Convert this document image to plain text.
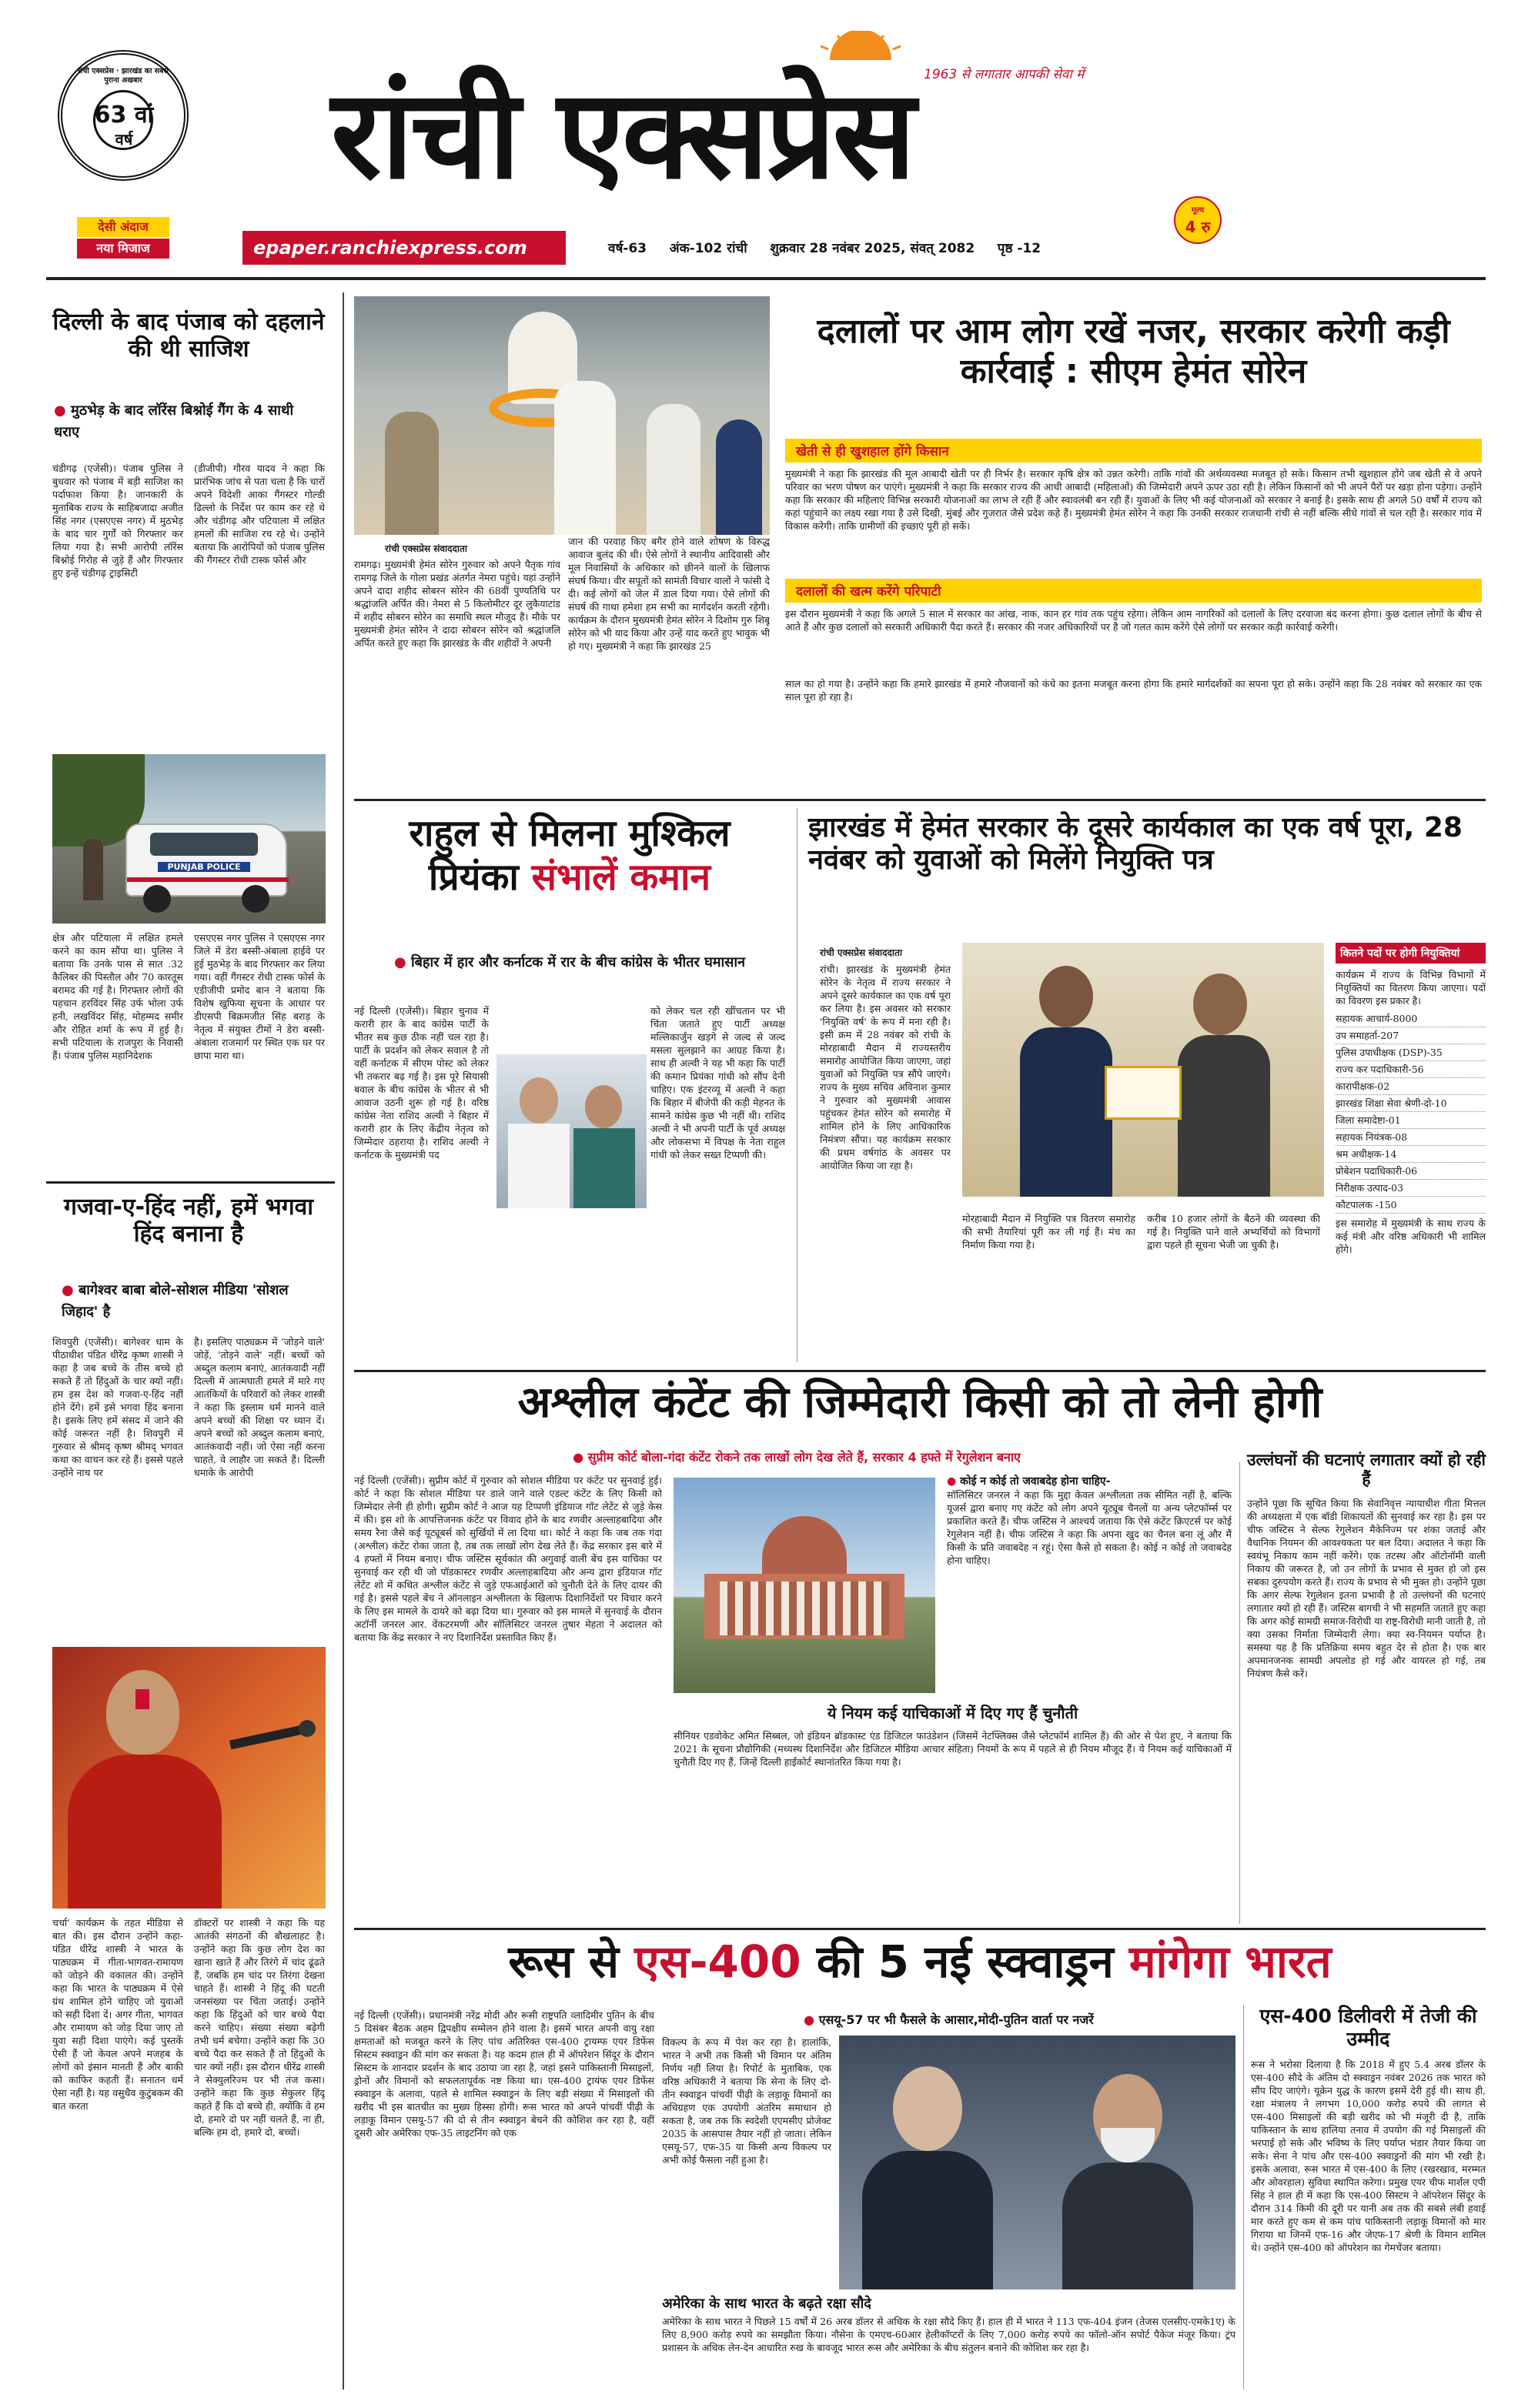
रांची एक्सप्रेस · झारखंड का सबसे पुराना अखबार
63 वां
वर्ष
देसी अंदाज
नया मिजाज
1963 से लगातार आपकी सेवा में
रांची एक्सप्रेस
epaper.ranchiexpress.com	वर्ष-63 अंक-102 रांची शुक्रवार 28 नवंबर 2025, संवत् 2082 पृष्ठ -12
मूल्य
4 रु
दिल्ली के बाद पंजाब को दहलाने की थी साजिश
● मुठभेड़ के बाद लॉरेंस बिश्नोई गैंग के 4 साथी धराए
चंडीगढ़ (एजेंसी)। पंजाब पुलिस ने बुधवार को पंजाब में बड़ी साजिश का पर्दाफाश किया है। जानकारी के मुताबिक राज्य के साहिबजादा अजीत सिंह नगर (एसएएस नगर) में मुठभेड़ के बाद चार गुर्गों को गिरफ्तार कर लिया गया है। सभी आरोपी लॉरेंस बिश्नोई गिरोह से जुड़े हैं और गिरफ्तार हुए इन्हें चंडीगढ़ ट्राइसिटी
(डीजीपी) गौरव यादव ने कहा कि प्रारंभिक जांच से पता चला है कि चारों अपने विदेशी आका गैंगस्टर गोल्डी ढिल्लो के निर्देश पर काम कर रहे थे और चंडीगढ़ और पटियाला में लक्षित हमलों की साजिश रच रहे थे। उन्होंने बताया कि आरोपियों को पंजाब पुलिस की गैंगस्टर रोधी टास्क फोर्स और
PUNJAB POLICE
क्षेत्र और पटियाला में लक्षित हमले करने का काम सौंपा था। पुलिस ने बताया कि उनके पास से सात .32 कैलिबर की पिस्तौल और 70 कारतूस बरामद की गई है। गिरफ्तार लोगों की पहचान हरविंदर सिंह उर्फ भोला उर्फ हनी, लखविंदर सिंह, मोहम्मद समीर और रोहित शर्मा के रूप में हुई है। सभी पटियाला के राजपुरा के निवासी हैं। पंजाब पुलिस महानिदेशक
एसएएस नगर पुलिस ने एसएएस नगर जिले में डेरा बस्सी-अंबाला हाईवे पर हुई मुठभेड़ के बाद गिरफ्तार कर लिया गया। वहीं गैंगस्टर रोधी टास्क फोर्स के एडीजीपी प्रमोद बान ने बताया कि विशेष खुफिया सूचना के आधार पर डीएसपी बिक्रमजीत सिंह बराड़ के नेतृत्व में संयुक्त टीमों ने डेरा बस्सी-अंबाला राजमार्ग पर स्थित एक घर पर छापा मारा था।
गजवा-ए-हिंद नहीं, हमें भगवा हिंद बनाना है
● बागेश्वर बाबा बोले-सोशल मीडिया 'सोशल जिहाद' है
शिवपुरी (एजेंसी)। बागेश्वर धाम के पीठाधीश पंडित धीरेंद्र कृष्ण शास्त्री ने कहा है जब बच्चे के तीस बच्चे हो सकते हैं तो हिंदुओं के चार क्यों नहीं। हम इस देश को गजवा-ए-हिंद नहीं होने देंगे। हमें इसे भगवा हिंद बनाना है। इसके लिए हमें संसद में जाने की कोई जरूरत नहीं है। शिवपुरी में गुरुवार से श्रीमद् कृष्ण श्रीमद् भगवत कथा का वाचन कर रहे हैं। इससे पहले उन्होंने नाच पर
है। इसलिए पाठ्यक्रम में 'जोड़ने वाले' जोड़ें, 'तोड़ने वाले' नहीं। बच्चों को अब्दुल कलाम बनाएं, आतंकवादी नहीं दिल्ली में आत्मघाती हमले में मारे गए आतंकियों के परिवारों को लेकर शास्त्री ने कहा कि इस्लाम धर्म मानने वाले अपने बच्चों की शिक्षा पर ध्यान दें। अपने बच्चों को अब्दुल कलाम बनाएं, आतंकवादी नहीं। जो ऐसा नहीं करना चाहते, वे लाहौर जा सकते हैं। दिल्ली धमाके के आरोपी
चर्चा' कार्यक्रम के तहत मीडिया से बात की। इस दौरान उन्होंने कहा- पंडित धीरेंद्र शास्त्री ने भारत के पाठ्यक्रम में गीता-भागवत-रामायण को जोड़ने की वकालत की। उन्होंने कहा कि भारत के पाठ्यक्रम में ऐसे ग्रंथ शामिल होने चाहिए जो युवाओं को सही दिशा दें। अगर गीता, भागवत और रामायण को जोड़ दिया जाए तो युवा सही दिशा पाएंगे। कई पुस्तकें ऐसी हैं जो केवल अपने मजहब के लोगों को इंसान मानती हैं और बाकी को काफिर कहती हैं। सनातन धर्म ऐसा नहीं है। यह वसुधैव कुटुंबकम की बात करता
डॉक्टरों पर शास्त्री ने कहा कि यह आतंकी संगठनों की बौखलाहट है। उन्होंने कहा कि कुछ लोग देश का खाना खाते हैं और तिरंगे में चांद ढूंढते हैं, जबकि हम चांद पर तिरंगा देखना चाहते हैं। शास्त्री ने हिंदू की घटती जनसंख्या पर चिंता जताई। उन्होंने कहा कि हिंदुओं को चार बच्चे पैदा करने चाहिए। संख्या संख्या बढ़ेगी तभी धर्म बचेगा। उन्होंने कहा कि 30 बच्चे पैदा कर सकते हैं तो हिंदुओं के चार क्यों नहीं। इस दौरान धीरेंद्र शास्त्री ने सेक्युलरिज्म पर भी तंज कसा। उन्होंने कहा कि कुछ सेकुलर हिंदू कहते हैं कि दो बच्चे ही, क्योंकि वे हम दो, हमारे दो पर नहीं चलते हैं, ना ही, बल्कि हम दो, हमारे दो, बच्चों।
रांची एक्सप्रेस संवाददाता
रामगढ़। मुख्यमंत्री हेमंत सोरेन गुरुवार को अपने पैतृक गांव रामगढ़ जिले के गोला प्रखंड अंतर्गत नेमरा पहुंचे। यहां उन्होंने अपने दादा शहीद सोबरन सोरेन की 68वीं पुण्यतिथि पर श्रद्धांजलि अर्पित की। नेमरा से 5 किलोमीटर दूर लुकैयाटांड में शहीद सोबरन सोरेन का समाधि स्थल मौजूद है। मौके पर मुख्यमंत्री हेमंत सोरेन ने दादा सोबरन सोरेन को श्रद्धांजलि अर्पित करते हुए कहा कि झारखंड के वीर शहीदों ने अपनी
जान की परवाह किए बगैर होने वाले शोषण के विरुद्ध आवाज बुलंद की थी। ऐसे लोगों ने स्थानीय आदिवासी और मूल निवासियों के अधिकार को छीनने वालों के खिलाफ संघर्ष किया। वीर सपूतों को सामंती विचार वालों ने फांसी दे दी। कई लोगों को जेल में डाल दिया गया। ऐसे लोगों की संघर्ष की गाथा हमेशा हम सभी का मार्गदर्शन करती रहेगी। कार्यक्रम के दौरान मुख्यमंत्री हेमंत सोरेन ने दिशोम गुरु शिबू सोरेन को भी याद किया और उन्हें याद करते हुए भावुक भी हो गए। मुख्यमंत्री ने कहा कि झारखंड 25
दलालों पर आम लोग रखें नजर, सरकार करेगी कड़ी कार्रवाई : सीएम हेमंत सोरेन
खेती से ही खुशहाल होंगे किसान
मुख्यमंत्री ने कहा कि झारखंड की मूल आबादी खेती पर ही निर्भर है। सरकार कृषि क्षेत्र को उन्नत करेगी। ताकि गांवों की अर्थव्यवस्था मजबूत हो सके। किसान तभी खुशहाल होंगे जब खेती से वे अपने परिवार का भरण पोषण कर पाएंगे। मुख्यमंत्री ने कहा कि सरकार राज्य की आधी आबादी (महिलाओं) की जिम्मेदारी अपने ऊपर उठा रही है। लेकिन किसानों को भी अपने पैरों पर खड़ा होना पड़ेगा। उन्होंने कहा कि सरकार की महिलाएं विभिन्न सरकारी योजनाओं का लाभ ले रही हैं और स्वावलंबी बन रही हैं। युवाओं के लिए भी कई योजनाओं को सरकार ने बनाई है। इसके साथ ही अगले 50 वर्षों में राज्य को कहां पहुंचाने का लक्ष्य रखा गया है उसे दिखी, मुंबई और गुजरात जैसे प्रदेश कहे हैं। मुख्यमंत्री हेमंत सोरेन ने कहा कि उनकी सरकार राजधानी रांची से नहीं बल्कि सीधे गांवों से चल रही है। सरकार गांव में विकास करेगी। ताकि ग्रामीणों की इच्छाएं पूरी हो सकें।
दलालों की खत्म करेंगे परिपाटी
इस दौरान मुख्यमंत्री ने कहा कि अगले 5 साल में सरकार का आंख, नाक, कान हर गांव तक पहुंच रहेगा। लेकिन आम नागरिकों को दलालों के लिए दरवाजा बंद करना होगा। कुछ दलाल लोगों के बीच से आते हैं और कुछ दलालों को सरकारी अधिकारी पैदा करते हैं। सरकार की नजर अधिकारियों पर है जो गलत काम करेंगे ऐसे लोगों पर सरकार कड़ी कार्रवाई करेगी।
साल का हो गया है। उन्होंने कहा कि हमारे झारखंड में हमारे नौजवानों को कंधे का इतना मजबूत करना होगा कि हमारे मार्गदर्शकों का सपना पूरा हो सके। उन्होंने कहा कि 28 नवंबर को सरकार का एक साल पूरा हो रहा है।
राहुल से मिलना मुश्किल
प्रियंका संभालें कमान
● बिहार में हार और कर्नाटक में रार के बीच कांग्रेस के भीतर घमासान
नई दिल्ली (एजेंसी)। बिहार चुनाव में करारी हार के बाद कांग्रेस पार्टी के भीतर सब कुछ ठीक नहीं चल रहा है। पार्टी के प्रदर्शन को लेकर सवाल है तो वहीं कर्नाटक में सीएम पोस्ट को लेकर भी तकरार बढ़ गई है। इस पूरे सियासी बवाल के बीच कांग्रेस के भीतर से भी आवाज उठनी शुरू हो गई है। वरिष्ठ कांग्रेस नेता राशिद अल्वी ने बिहार में करारी हार के लिए केंद्रीय नेतृत्व को जिम्मेदार ठहराया है। राशिद अल्वी ने कर्नाटक के मुख्यमंत्री पद
को लेकर चल रही खींचतान पर भी चिंता जताते हुए पार्टी अध्यक्ष मल्लिकार्जुन खड़गे से जल्द से जल्द मसला सुलझाने का आग्रह किया है। साथ ही अल्वी ने यह भी कहा कि पार्टी की कमान प्रियंका गांधी को सौंप देनी चाहिए। एक इंटरव्यू में अल्वी ने कहा कि बिहार में बीजेपी की कड़ी मेहनत के सामने कांग्रेस कुछ भी नहीं थी। राशिद अल्वी ने भी अपनी पार्टी के पूर्व अध्यक्ष और लोकसभा में विपक्ष के नेता राहुल गांधी को लेकर सख्त टिप्पणी की।
झारखंड में हेमंत सरकार के दूसरे कार्यकाल का एक वर्ष पूरा, 28 नवंबर को युवाओं को मिलेंगे नियुक्ति पत्र
रांची एक्सप्रेस संवाददाता
रांची। झारखंड के मुख्यमंत्री हेमंत सोरेन के नेतृत्व में राज्य सरकार ने अपने दूसरे कार्यकाल का एक वर्ष पूरा कर लिया है। इस अवसर को सरकार 'नियुक्ति वर्ष' के रूप में मना रही है। इसी क्रम में 28 नवंबर को रांची के मोरहाबादी मैदान में राज्यस्तरीय समारोह आयोजित किया जाएगा, जहां युवाओं को नियुक्ति पत्र सौंपे जाएंगे। राज्य के मुख्य सचिव अविनाश कुमार ने गुरुवार को मुख्यमंत्री आवास पहुंचकर हेमंत सोरेन को समारोह में शामिल होने के लिए आधिकारिक निमंत्रण सौंपा। यह कार्यक्रम सरकार की प्रथम वर्षगांठ के अवसर पर आयोजित किया जा रहा है।
मोरहाबादी मैदान में नियुक्ति पत्र वितरण समारोह की सभी तैयारियां पूरी कर ली गई हैं। मंच का निर्माण किया गया है।
करीब 10 हजार लोगों के बैठने की व्यवस्था की गई है। नियुक्ति पाने वाले अभ्यर्थियों को विभागों द्वारा पहले ही सूचना भेजी जा चुकी है।
कितने पदों पर होगी नियुक्तियां
कार्यक्रम में राज्य के विभिन्न विभागों में नियुक्तियों का वितरण किया जाएगा। पदों का विवरण इस प्रकार है।
सहायक आचार्य-8000
उप समाहर्ता-207
पुलिस उपाधीक्षक (DSP)-35
राज्य कर पदाधिकारी-56
कारापीक्षक-02
झारखंड शिक्षा सेवा श्रेणी-दो-10
जिला समादेष्टा-01
सहायक नियंत्रक-08
श्रम अधीक्षक-14
प्रोबेशन पदाधिकारी-06
निरीक्षक उत्पाद-03
कौटपालक -150
इस समारोह में मुख्यमंत्री के साथ राज्य के कई मंत्री और वरिष्ठ अधिकारी भी शामिल होंगे।
अश्लील कंटेंट की जिम्मेदारी किसी को तो लेनी होगी
● सुप्रीम कोर्ट बोला-गंदा कंटेंट रोकने तक लाखों लोग देख लेते हैं, सरकार 4 हफ्ते में रेगुलेशन बनाए
नई दिल्ली (एजेंसी)। सुप्रीम कोर्ट में गुरुवार को सोशल मीडिया पर कंटेंट पर सुनवाई हुई। कोर्ट ने कहा कि सोशल मीडिया पर डाले जाने वाले एडल्ट कंटेंट के लिए किसी को जिम्मेदार लेनी ही होगी। सुप्रीम कोर्ट ने आज यह टिप्पणी इंडियाज गॉट लेटेंट से जुड़े केस में की। इस शो के आपत्तिजनक कंटेंट पर विवाद होने के बाद रणवीर अल्लाहबादिया और समय रैना जैसे कई यूट्यूबर्स को सुर्खियों में ला दिया था। कोर्ट ने कहा कि जब तक गंदा (अश्लील) कंटेंट रोका जाता है, तब तक लाखों लोग देख लेते हैं। केंद्र सरकार इस बारे में 4 हफ्तों में नियम बनाए। चीफ जस्टिस सूर्यकांत की अगुवाई वाली बेंच इस याचिका पर सुनवाई कर रही थी जो पॉडकास्टर रणवीर अल्लाहबादिया और अन्य द्वारा इंडियाज गॉट लेटेंट शो में कथित अश्लील कंटेंट से जुड़े एफआईआरों को चुनौती देते के लिए दायर की गई है। इससे पहले बेंच ने ऑनलाइन अश्लीलता के खिलाफ दिशानिर्देशों पर विचार करने के लिए इस मामले के दायरे को बढ़ा दिया था। गुरुवार को इस मामले में सुनवाई के दौरान अटॉर्नी जनरल आर. वेंकटरमणी और सॉलिसिटर जनरल तुषार मेहता ने अदालत को बताया कि केंद्र सरकार ने नए दिशानिर्देश प्रस्तावित किए हैं।
● कोई न कोई तो जवाबदेह होना चाहिए-
सॉलिसिटर जनरल ने कहा कि मुद्दा केवल अश्लीलता तक सीमित नहीं है, बल्कि यूजर्स द्वारा बनाए गए कंटेंट को लोग अपने यूट्यूब चैनलों या अन्य प्लेटफॉर्म्स पर प्रकाशित करते हैं। चीफ जस्टिस ने आश्चर्य जताया कि ऐसे कंटेंट क्रिएटर्स पर कोई रेगुलेशन नहीं है। चीफ जस्टिस ने कहा कि अपना खुद का चैनल बना लूं और मैं किसी के प्रति जवाबदेह न रहूं। ऐसा कैसे हो सकता है। कोई न कोई तो जवाबदेह होना चाहिए।
ये नियम कई याचिकाओं में दिए गए हैं चुनौती
सीनियर एडवोकेट अमित सिब्बल, जो इंडियन ब्रॉडकास्ट एंड डिजिटल फाउंडेशन (जिसमें नेटफ्लिक्स जैसे प्लेटफॉर्म शामिल हैं) की ओर से पेश हुए, ने बताया कि 2021 के सूचना प्रौद्योगिकी (मध्यस्थ दिशानिर्देश और डिजिटल मीडिया आचार संहिता) नियमों के रूप में पहले से ही नियम मौजूद हैं। ये नियम कई याचिकाओं में चुनौती दिए गए हैं, जिन्हें दिल्ली हाईकोर्ट स्थानांतरित किया गया है।
उल्लंघनों की घटनाएं लगातार क्यों हो रही हैं
उन्होंने पूछा कि सूचित किया कि सेवानिवृत्त न्यायाधीश गीता मित्तल की अध्यक्षता में एक बॉडी शिकायतों की सुनवाई कर रहा है। इस पर चीफ जस्टिस ने सेल्फ रेगुलेशन मैकेनिज्म पर शंका जताई और वैधानिक नियमन की आवश्यकता पर बल दिया। अदालत ने कहा कि स्वयंभू निकाय काम नहीं करेंगे। एक तटस्थ और ऑटोनॉमी वाली निकाय की जरूरत है, जो उन लोगों के प्रभाव से मुक्त हो जो इस सबका दुरुपयोग करते हैं। राज्य के प्रभाव से भी मुक्त हो। उन्होंने पूछा कि अगर सेल्फ रेगुलेशन इतना प्रभावी है तो उल्लंघनों की घटनाएं लगातार क्यों हो रही हैं। जस्टिस बागची ने भी सहमति जताते हुए कहा कि अगर कोई सामग्री समाज-विरोधी या राष्ट्र-विरोधी मानी जाती है, तो क्या उसका निर्माता जिम्मेदारी लेगा। क्या स्व-नियमन पर्याप्त है। समस्या यह है कि प्रतिक्रिया समय बहुत देर से होता है। एक बार अपमानजनक सामग्री अपलोड हो गई और वायरल हो गई, तब नियंत्रण कैसे करें।
रूस से एस-400 की 5 नई स्क्वाड्रन मांगेगा भारत
नई दिल्ली (एजेंसी)। प्रधानमंत्री नरेंद्र मोदी और रूसी राष्ट्रपति व्लादिमीर पुतिन के बीच 5 दिसंबर बैठक अहम द्विपक्षीय सम्मेलन होने वाला है। इसमें भारत अपनी वायु रक्षा क्षमताओं को मजबूत करने के लिए पांच अतिरिक्त एस-400 ट्रायम्फ एयर डिफेंस सिस्टम स्क्वाड्रन की मांग कर सकता है। यह कदम हाल ही में ऑपरेशन सिंदूर के दौरान सिस्टम के शानदार प्रदर्शन के बाद उठाया जा रहा है, जहां इसने पाकिस्तानी मिसाइलों, ड्रोनों और विमानों को सफलतापूर्वक नष्ट किया था। एस-400 ट्रायंफ एयर डिफेंस स्क्वाड्रन के अलावा, पहले से शामिल स्क्वाड्रन के लिए बड़ी संख्या में मिसाइलों की खरीद भी इस बातचीत का मुख्य हिस्सा होगी। रूस भारत को अपने पांचवीं पीढ़ी के लड़ाकू विमान एसयू-57 की दो से तीन स्क्वाड्रन बेचने की कोशिश कर रहा है, वहीं दूसरी ओर अमेरिका एफ-35 लाइटनिंग को एक
● एसयू-57 पर भी फैसले के आसार,मोदी-पुतिन वार्ता पर नजरें
विकल्प के रूप में पेश कर रहा है। हालांकि, भारत ने अभी तक किसी भी विमान पर अंतिम निर्णय नहीं लिया है। रिपोर्ट के मुताबिक, एक वरिष्ठ अधिकारी ने बताया कि सेना के लिए दो-तीन स्क्वाड्रन पांचवीं पीढ़ी के लड़ाकू विमानों का अधिग्रहण एक उपयोगी अंतरिम समाधान हो सकता है, जब तक कि स्वदेशी एएमसीए प्रोजेक्ट 2035 के आसपास तैयार नहीं हो जाता। लेकिन एसयू-57, एफ-35 या किसी अन्य विकल्प पर अभी कोई फैसला नहीं हुआ है।
अमेरिका के साथ भारत के बढ़ते रक्षा सौदे
अमेरिका के साथ भारत ने पिछले 15 वर्षों में 26 अरब डॉलर से अधिक के रक्षा सौदे किए हैं। हाल ही में भारत ने 113 एफ-404 इंजन (तेजस एलसीए-एमके1ए) के लिए 8,900 करोड़ रुपये का समझौता किया। नौसेना के एमएच-60आर हेलीकॉप्टरों के लिए 7,000 करोड़ रुपये का फॉलो-ऑन सपोर्ट पैकेज मंजूर किया। ट्रंप प्रशासन के अधिक लेन-देन आधारित रुख के बावजूद भारत रूस और अमेरिका के बीच संतुलन बनाने की कोशिश कर रहा है।
एस-400 डिलीवरी में तेजी की उम्मीद
रूस ने भरोसा दिलाया है कि 2018 में हुए 5.4 अरब डॉलर के एस-400 सौदे के अंतिम दो स्क्वाड्रन नवंबर 2026 तक भारत को सौंप दिए जाएंगे। यूक्रेन युद्ध के कारण इसमें देरी हुई थी। साथ ही, रक्षा मंत्रालय ने लगभग 10,000 करोड़ रुपये की लागत से एस-400 मिसाइलों की बड़ी खरीद को भी मंजूरी दी है, ताकि पाकिस्तान के साथ हालिया तनाव में उपयोग की गई मिसाइलों की भरपाई हो सके और भविष्य के लिए पर्याप्त भंडार तैयार किया जा सके। सेना ने पांच और एस-400 स्क्वाड्रनों की मांग भी रखी है। इसके अलावा, रूस भारत में एस-400 के लिए (रखरखाव, मरम्मत और ओवरहाल) सुविधा स्थापित करेगा। प्रमुख एयर चीफ मार्शल एपी सिंह ने हाल ही में कहा कि एस-400 सिस्टम ने ऑपरेशन सिंदूर के दौरान 314 किमी की दूरी पर यानी अब तक की सबसे लंबी हवाई मार करते हुए कम से कम पांच पाकिस्तानी लड़ाकू विमानों को मार गिराया था जिनमें एफ-16 और जेएफ-17 श्रेणी के विमान शामिल थे। उन्होंने एस-400 को ऑपरेशन का गेमचेंजर बताया।
